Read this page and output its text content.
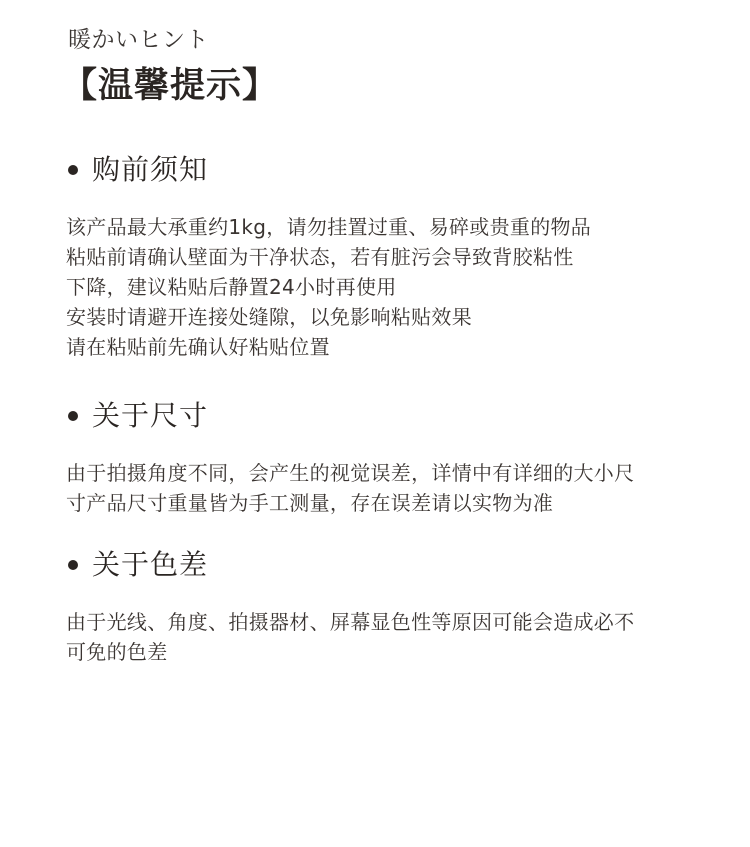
暖かいヒント
【温馨提示】
购前须知
该产品最大承重约1kg，请勿挂置过重、易碎或贵重的物品
粘贴前请确认壁面为干净状态，若有脏污会导致背胶粘性
下降，建议粘贴后静置24小时再使用
安装时请避开连接处缝隙，以免影响粘贴效果
请在粘贴前先确认好粘贴位置
关于尺寸
由于拍摄角度不同，会产生的视觉误差，详情中有详细的大小尺
寸产品尺寸重量皆为手工测量，存在误差请以实物为准
关于色差
由于光线、角度、拍摄器材、屏幕显色性等原因可能会造成必不
可免的色差
